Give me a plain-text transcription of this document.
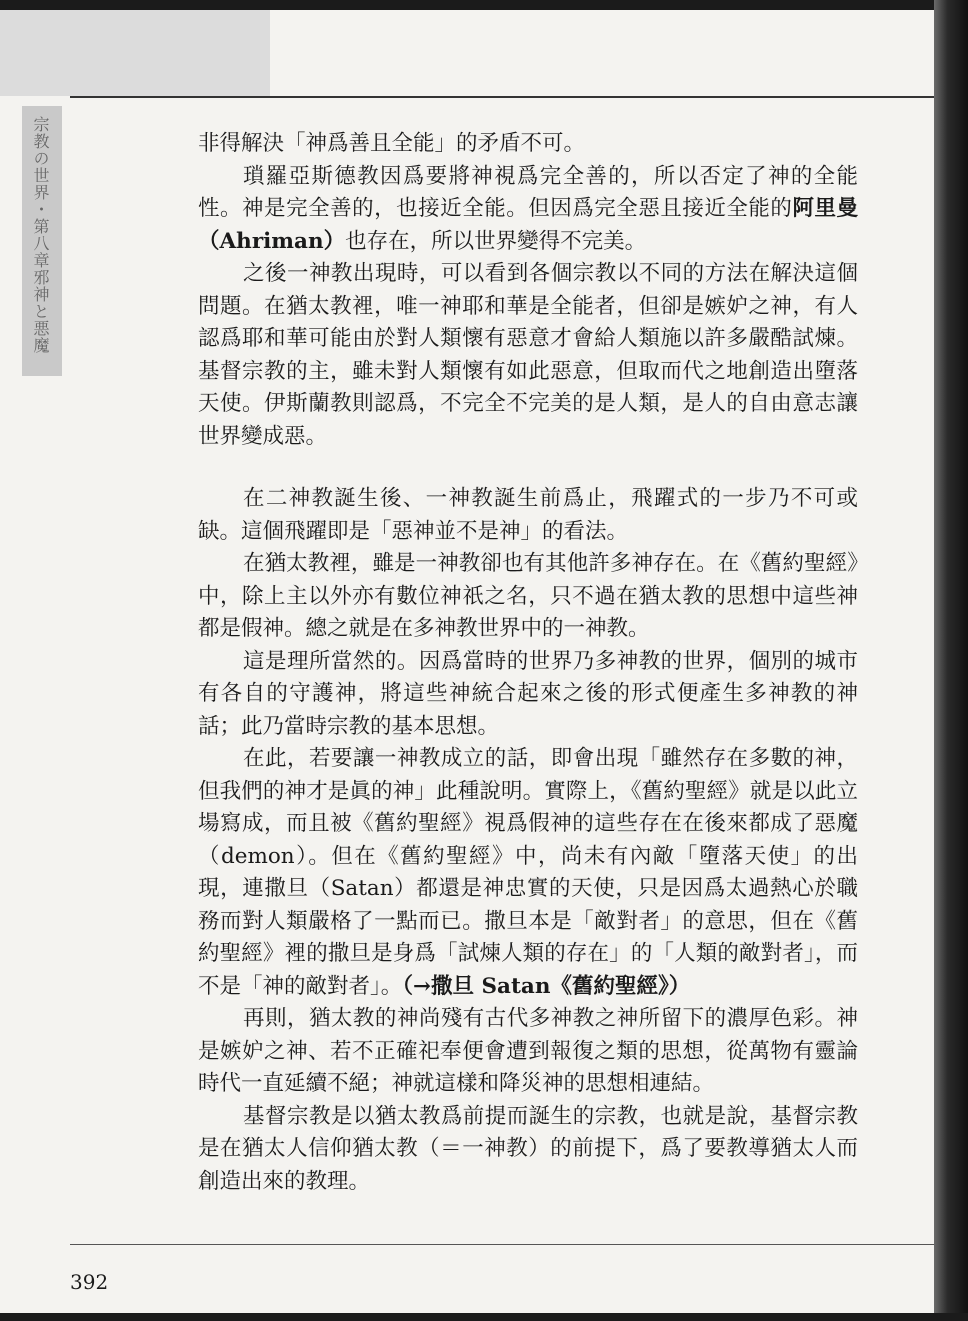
宗教の世界・第八章邪神と悪魔	非得解決「神爲善且全能」的矛盾不可。

瑣羅亞斯德教因爲要將神視爲完全善的，所以否定了神的全能性。神是完全善的，也接近全能。但因爲完全惡且接近全能的阿里曼（Ahriman）也存在，所以世界變得不完美。

之後一神教出現時，可以看到各個宗教以不同的方法在解決這個問題。在猶太教裡，唯一神耶和華是全能者，但卻是嫉妒之神，有人認爲耶和華可能由於對人類懷有惡意才會給人類施以許多嚴酷試煉。基督宗教的主，雖未對人類懷有如此惡意，但取而代之地創造出墮落天使。伊斯蘭教則認爲，不完全不完美的是人類，是人的自由意志讓世界變成惡。

在二神教誕生後、一神教誕生前爲止，飛躍式的一步乃不可或缺。這個飛躍即是「惡神並不是神」的看法。

在猶太教裡，雖是一神教卻也有其他許多神存在。在《舊約聖經》中，除上主以外亦有數位神祇之名，只不過在猶太教的思想中這些神都是假神。總之就是在多神教世界中的一神教。

這是理所當然的。因爲當時的世界乃多神教的世界，個別的城市有各自的守護神，將這些神統合起來之後的形式便產生多神教的神話；此乃當時宗教的基本思想。

在此，若要讓一神教成立的話，即會出現「雖然存在多數的神，但我們的神才是眞的神」此種說明。實際上，《舊約聖經》就是以此立場寫成，而且被《舊約聖經》視爲假神的這些存在在後來都成了惡魔（demon）。但在《舊約聖經》中，尚未有內敵「墮落天使」的出現，連撒旦（Satan）都還是神忠實的天使，只是因爲太過熱心於職務而對人類嚴格了一點而已。撒旦本是「敵對者」的意思，但在《舊約聖經》裡的撒旦是身爲「試煉人類的存在」的「人類的敵對者」，而不是「神的敵對者」。（→撒旦 Satan《舊約聖經》）

再則，猶太教的神尚殘有古代多神教之神所留下的濃厚色彩。神是嫉妒之神、若不正確祀奉便會遭到報復之類的思想，從萬物有靈論時代一直延續不絕；神就這樣和降災神的思想相連結。

基督宗教是以猶太教爲前提而誕生的宗教，也就是說，基督宗教是在猶太人信仰猶太教（＝一神教）的前提下，爲了要教導猶太人而創造出來的教理。

392
